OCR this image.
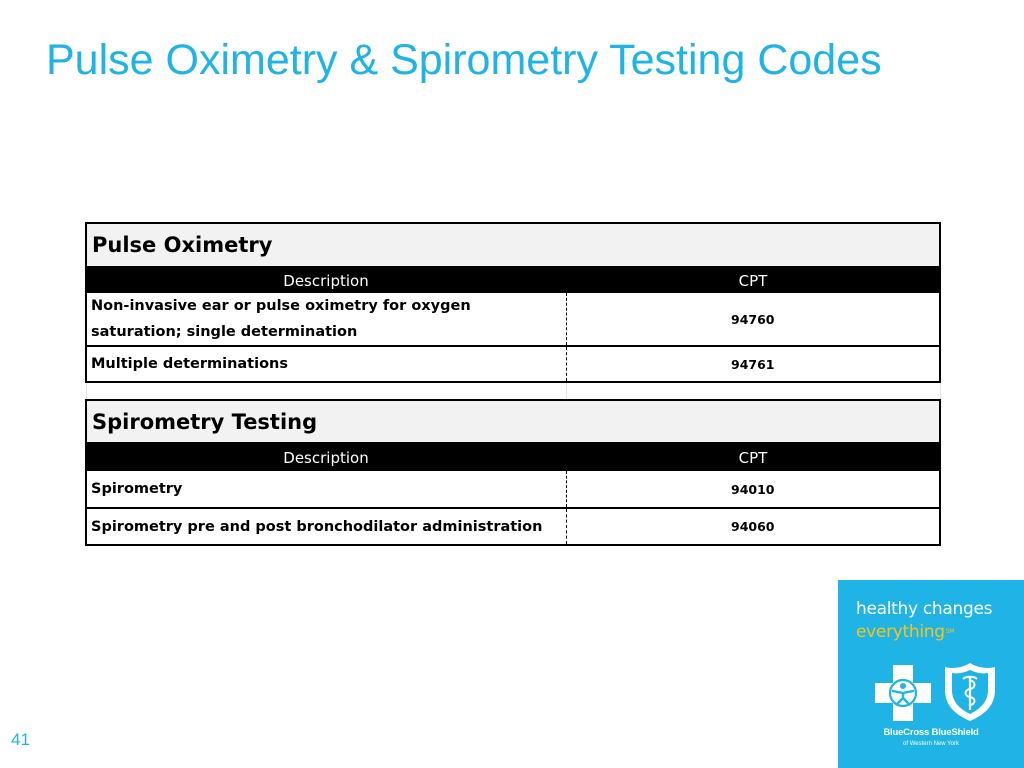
Pulse Oximetry & Spirometry Testing Codes
Pulse Oximetry	
Description	CPT
Non-invasive ear or pulse oximetry for oxygen saturation; single determination	94760
Multiple determinations	94761

Spirometry Testing	
Description	CPT
Spirometry	94010
Spirometry pre and post bronchodilator administration	94060
41
healthy changes
everything℠
BlueCross BlueShield
of Western New York
